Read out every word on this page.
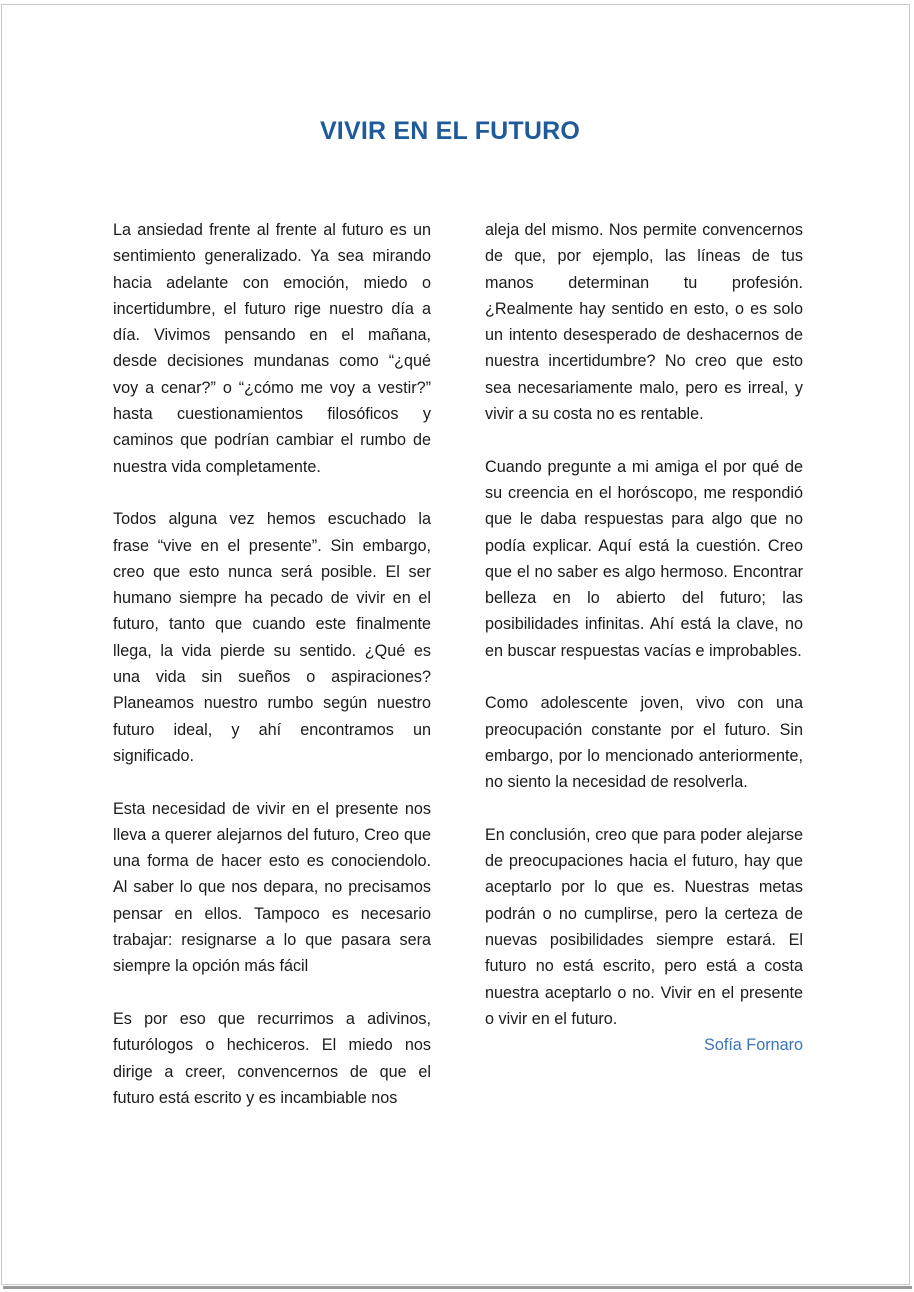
VIVIR EN EL FUTURO

La ansiedad frente al frente al futuro es un sentimiento generalizado. Ya sea mirando hacia adelante con emoción, miedo o incertidumbre, el futuro rige nuestro día a día. Vivimos pensando en el mañana, desde decisiones mundanas como “¿qué voy a cenar?” o “¿cómo me voy a vestir?” hasta cuestionamientos filosóficos y caminos que podrían cambiar el rumbo de nuestra vida completamente.

Todos alguna vez hemos escuchado la frase “vive en el presente”. Sin embargo, creo que esto nunca será posible. El ser humano siempre ha pecado de vivir en el futuro, tanto que cuando este finalmente llega, la vida pierde su sentido. ¿Qué es una vida sin sueños o aspiraciones? Planeamos nuestro rumbo según nuestro futuro ideal, y ahí encontramos un significado.

Esta necesidad de vivir en el presente nos lleva a querer alejarnos del futuro, Creo que una forma de hacer esto es conociendolo. Al saber lo que nos depara, no precisamos pensar en ellos. Tampoco es necesario trabajar: resignarse a lo que pasara sera siempre la opción más fácil

Es por eso que recurrimos a adivinos, futurólogos o hechiceros. El miedo nos dirige a creer, convencernos de que el futuro está escrito y es incambiable nos

aleja del mismo. Nos permite convencernos de que, por ejemplo, las líneas de tus manos determinan tu profesión. ¿Realmente hay sentido en esto, o es solo un intento desesperado de deshacernos de nuestra incertidumbre? No creo que esto sea necesariamente malo, pero es irreal, y vivir a su costa no es rentable.

Cuando pregunte a mi amiga el por qué de su creencia en el horóscopo, me respondió que le daba respuestas para algo que no podía explicar. Aquí está la cuestión. Creo que el no saber es algo hermoso. Encontrar belleza en lo abierto del futuro; las posibilidades infinitas. Ahí está la clave, no en buscar respuestas vacías e improbables.

Como adolescente joven, vivo con una preocupación constante por el futuro. Sin embargo, por lo mencionado anteriormente, no siento la necesidad de resolverla.

En conclusión, creo que para poder alejarse de preocupaciones hacia el futuro, hay que aceptarlo por lo que es. Nuestras metas podrán o no cumplirse, pero la certeza de nuevas posibilidades siempre estará. El futuro no está escrito, pero está a costa nuestra aceptarlo o no. Vivir en el presente o vivir en el futuro.

Sofía Fornaro
